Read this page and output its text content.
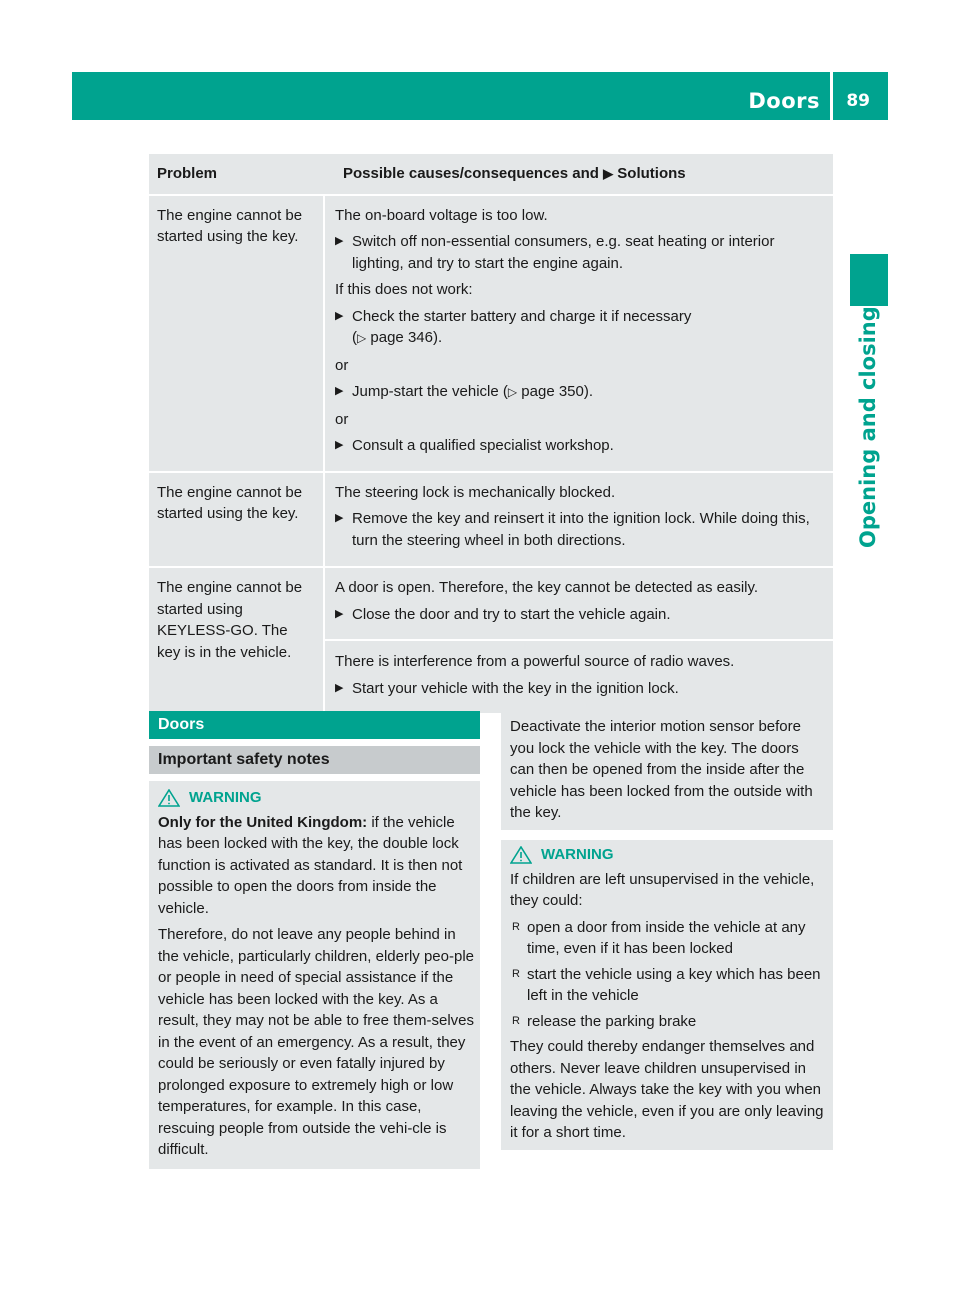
Doors 89
Opening and closing
Problem	Possible causes/consequences and ▶ Solutions
The engine cannot be started using the key.

The on-board voltage is too low.

▶ Switch off non-essential consumers, e.g. seat heating or interior lighting, and try to start the engine again.

If this does not work:

▶ Check the starter battery and charge it if necessary
(▷ page 346).

or

▶ Jump-start the vehicle (▷ page 350).

or

▶ Consult a qualified specialist workshop.
The engine cannot be started using the key.

The steering lock is mechanically blocked.

▶ Remove the key and reinsert it into the ignition lock. While doing this, turn the steering wheel in both directions.
The engine cannot be started using KEYLESS-GO. The key is in the vehicle.

A door is open. Therefore, the key cannot be detected as easily.

▶ Close the door and try to start the vehicle again.

There is interference from a powerful source of radio waves.

▶ Start your vehicle with the key in the ignition lock.
Doors
Important safety notes
WARNING

Only for the United Kingdom: if the vehicle has been locked with the key, the double lock function is activated as standard. It is then not possible to open the doors from inside the vehicle.

Therefore, do not leave any people behind in the vehicle, particularly children, elderly peo-ple or people in need of special assistance if the vehicle has been locked with the key. As a result, they may not be able to free them-selves in the event of an emergency. As a result, they could be seriously or even fatally injured by prolonged exposure to extremely high or low temperatures, for example. In this case, rescuing people from outside the vehi-cle is difficult.

Deactivate the interior motion sensor before you lock the vehicle with the key. The doors can then be opened from the inside after the vehicle has been locked from the outside with the key.

WARNING

If children are left unsupervised in the vehicle, they could:

R open a door from inside the vehicle at any time, even if it has been locked
R start the vehicle using a key which has been left in the vehicle
R release the parking brake

They could thereby endanger themselves and others. Never leave children unsupervised in the vehicle. Always take the key with you when leaving the vehicle, even if you are only leaving it for a short time.
